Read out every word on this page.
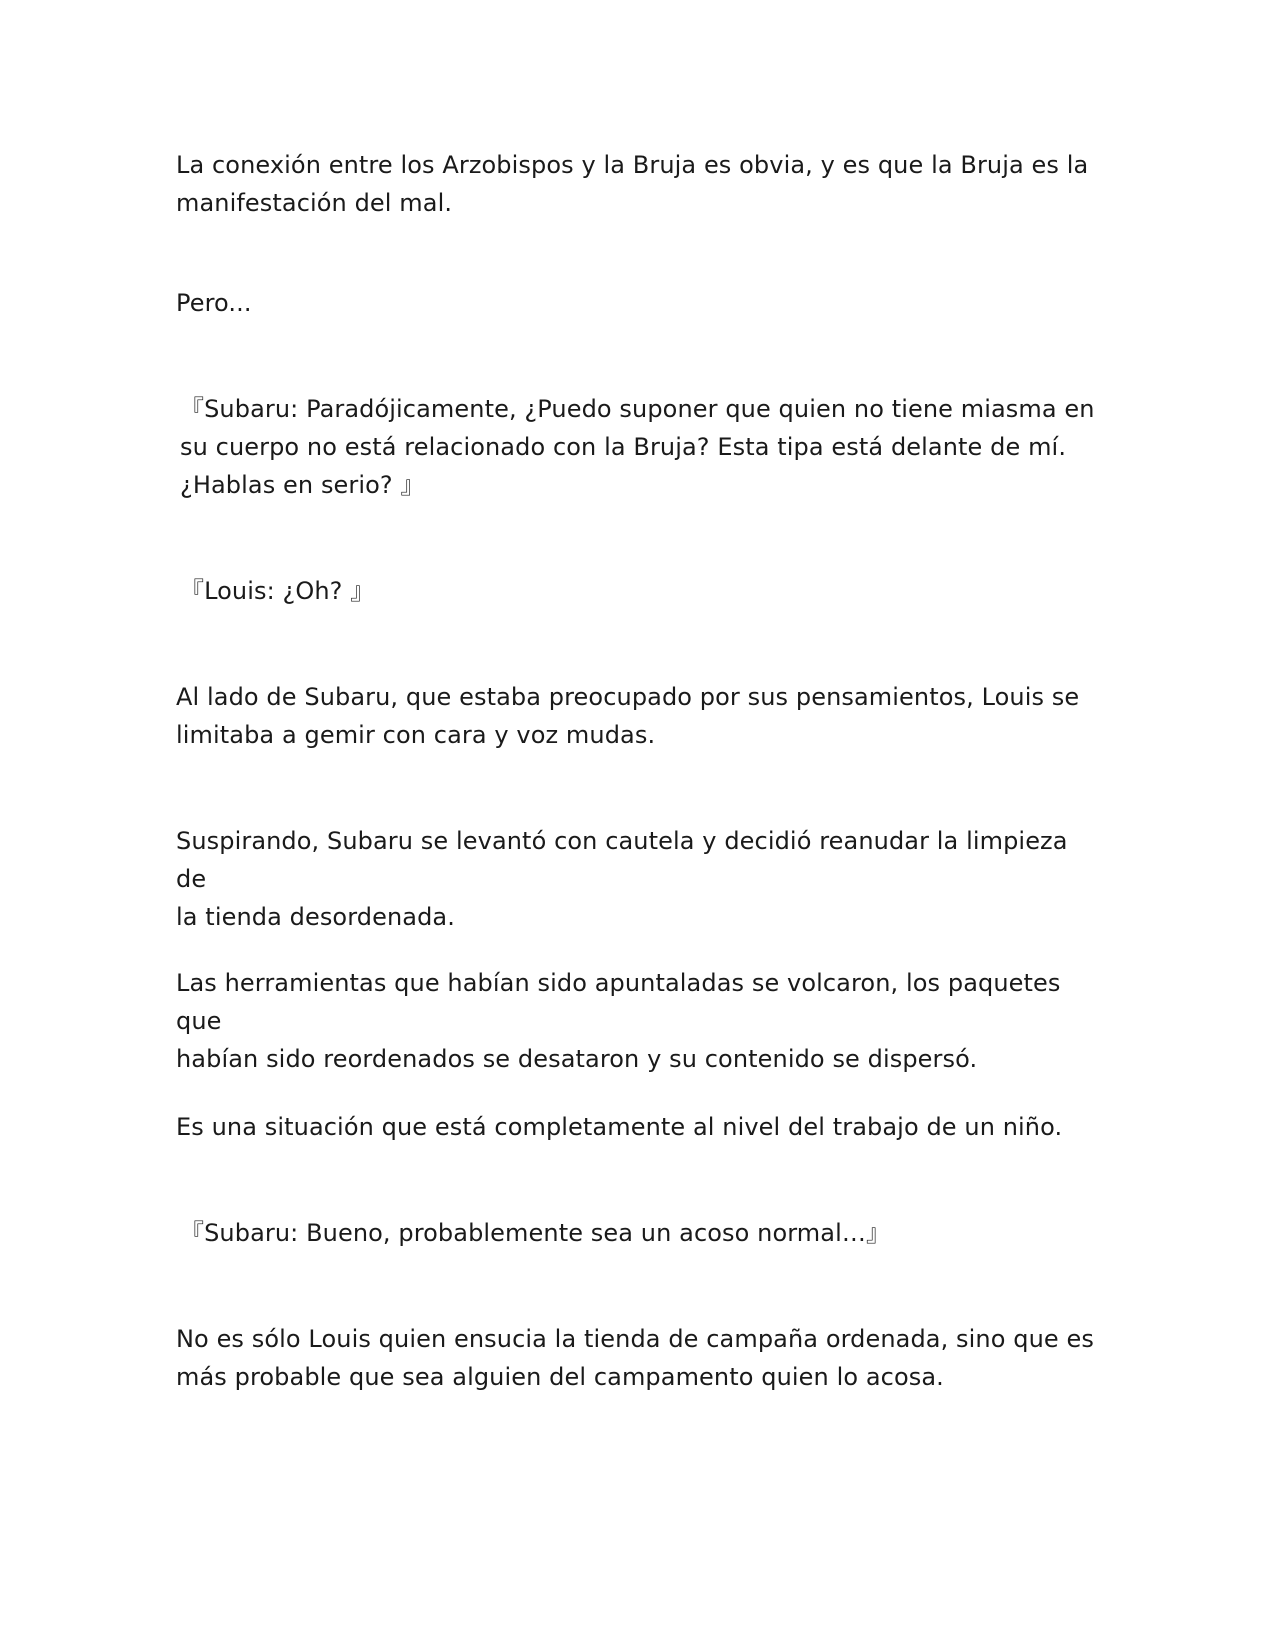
La conexión entre los Arzobispos y la Bruja es obvia, y es que la Bruja es la
manifestación del mal.

Pero...

『Subaru: Paradójicamente, ¿Puedo suponer que quien no tiene miasma en
su cuerpo no está relacionado con la Bruja? Esta tipa está delante de mí.
¿Hablas en serio? 』

『Louis: ¿Oh? 』

Al lado de Subaru, que estaba preocupado por sus pensamientos, Louis se
limitaba a gemir con cara y voz mudas.

Suspirando, Subaru se levantó con cautela y decidió reanudar la limpieza de
la tienda desordenada.

Las herramientas que habían sido apuntaladas se volcaron, los paquetes que
habían sido reordenados se desataron y su contenido se dispersó.

Es una situación que está completamente al nivel del trabajo de un niño.

『Subaru: Bueno, probablemente sea un acoso normal…』

No es sólo Louis quien ensucia la tienda de campaña ordenada, sino que es
más probable que sea alguien del campamento quien lo acosa.
